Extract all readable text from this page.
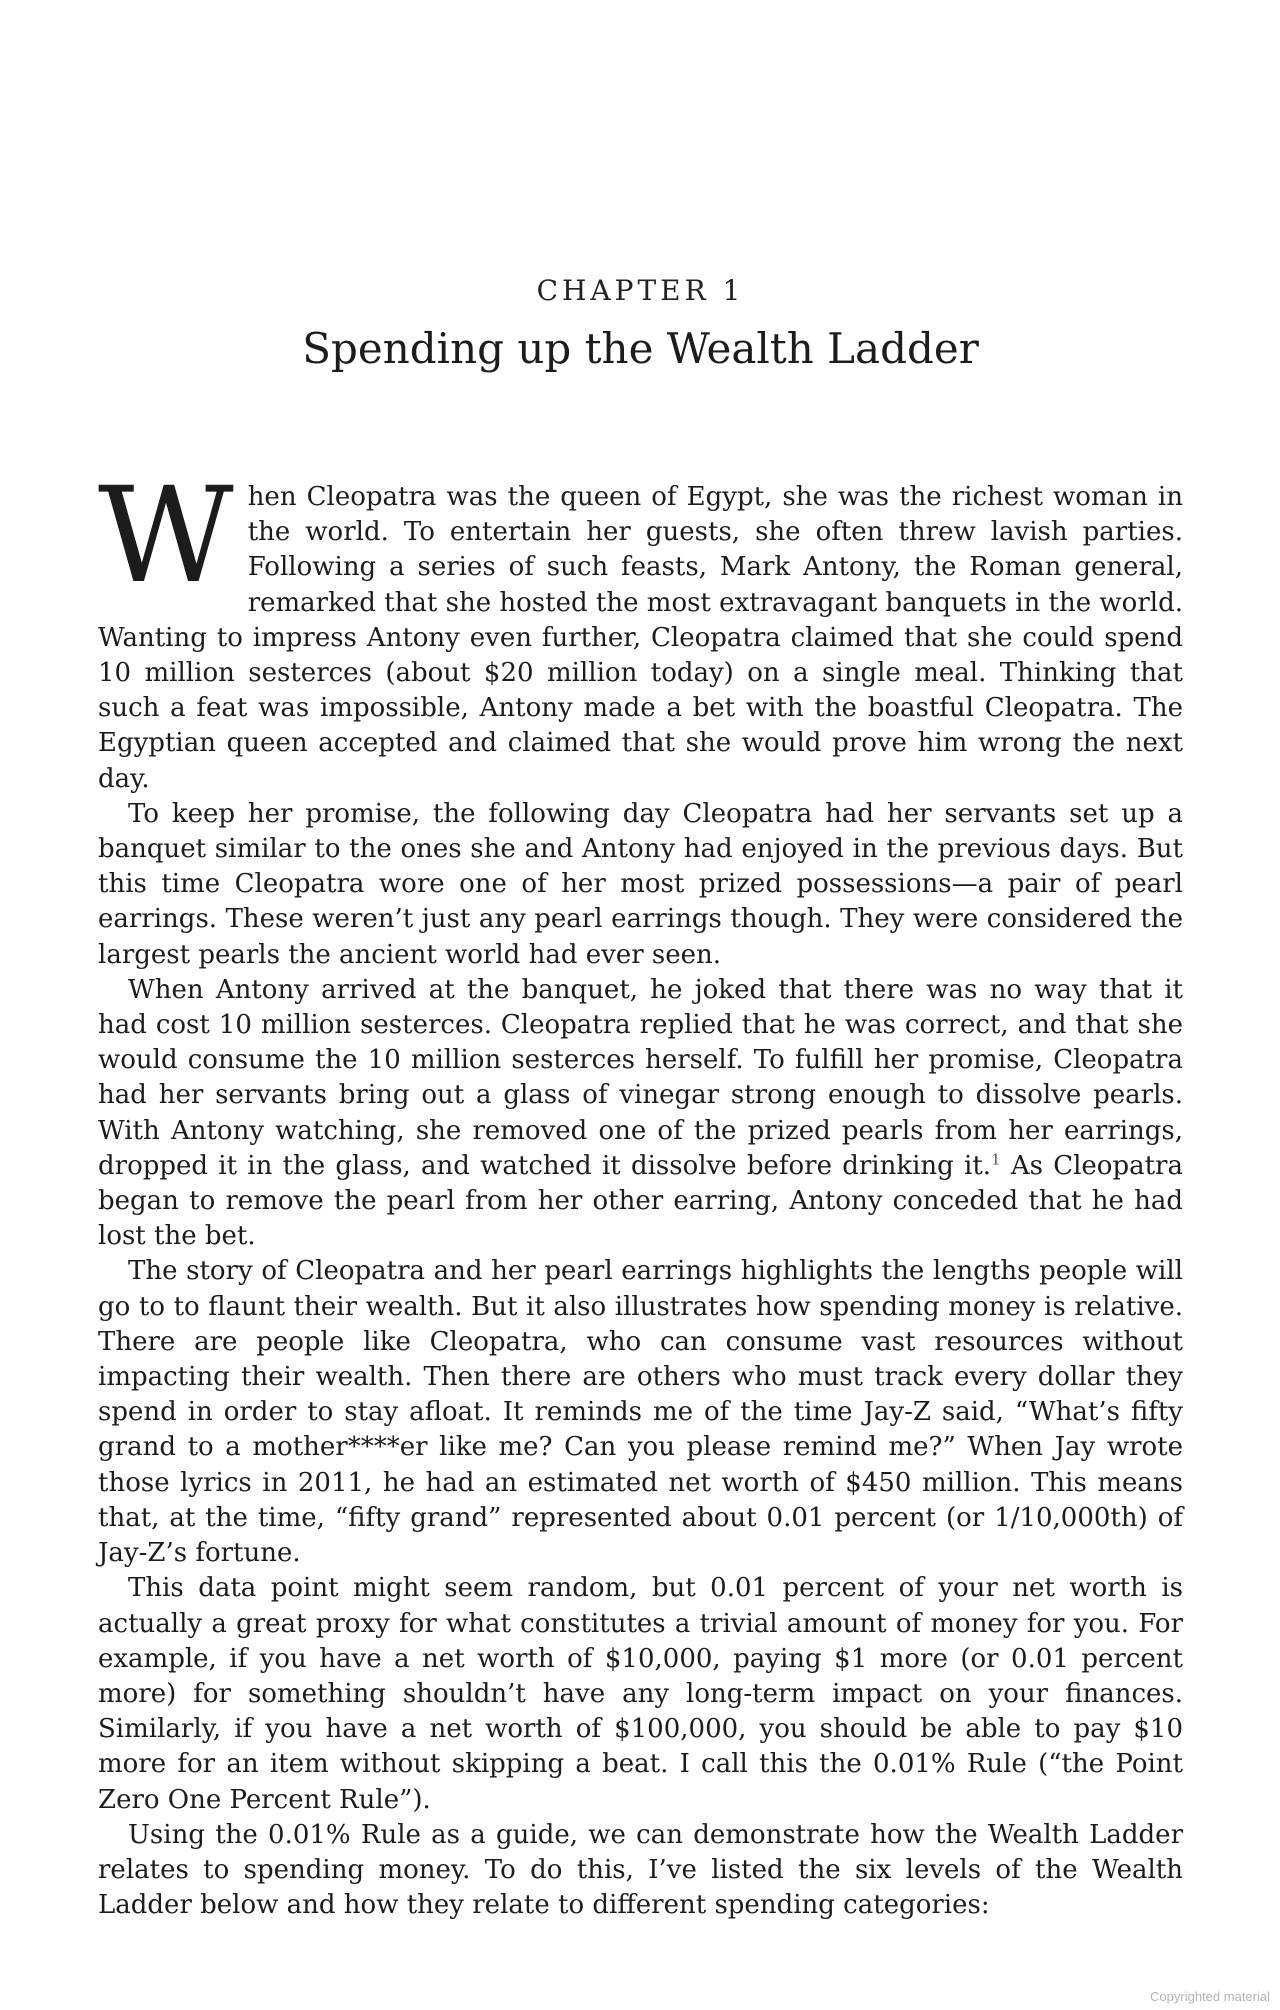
CHAPTER 1
Spending up the Wealth Ladder

When Cleopatra was the queen of Egypt, she was the richest woman in the world. To entertain her guests, she often threw lavish parties. Following a series of such feasts, Mark Antony, the Roman general, remarked that she hosted the most extravagant banquets in the world. Wanting to impress Antony even further, Cleopatra claimed that she could spend 10 million sesterces (about $20 million today) on a single meal. Thinking that such a feat was impossible, Antony made a bet with the boastful Cleopatra. The Egyptian queen accepted and claimed that she would prove him wrong the next day.

To keep her promise, the following day Cleopatra had her servants set up a banquet similar to the ones she and Antony had enjoyed in the previous days. But this time Cleopatra wore one of her most prized possessions—a pair of pearl earrings. These weren’t just any pearl earrings though. They were considered the largest pearls the ancient world had ever seen.

When Antony arrived at the banquet, he joked that there was no way that it had cost 10 million sesterces. Cleopatra replied that he was correct, and that she would consume the 10 million sesterces herself. To fulfill her promise, Cleopatra had her servants bring out a glass of vinegar strong enough to dissolve pearls. With Antony watching, she removed one of the prized pearls from her earrings, dropped it in the glass, and watched it dissolve before drinking it.$^1$ As Cleopatra began to remove the pearl from her other earring, Antony conceded that he had lost the bet.

The story of Cleopatra and her pearl earrings highlights the lengths people will go to to flaunt their wealth. But it also illustrates how spending money is relative. There are people like Cleopatra, who can consume vast resources without impacting their wealth. Then there are others who must track every dollar they spend in order to stay afloat. It reminds me of the time Jay-Z said, “What’s fifty grand to a mother****er like me? Can you please remind me?” When Jay wrote those lyrics in 2011, he had an estimated net worth of $450 million. This means that, at the time, “fifty grand” represented about 0.01 percent (or 1/10,000th) of Jay-Z’s fortune.

This data point might seem random, but 0.01 percent of your net worth is actually a great proxy for what constitutes a trivial amount of money for you. For example, if you have a net worth of $10,000, paying $1 more (or 0.01 percent more) for something shouldn’t have any long-term impact on your finances. Similarly, if you have a net worth of $100,000, you should be able to pay $10 more for an item without skipping a beat. I call this the 0.01% Rule (“the Point Zero One Percent Rule”).

Using the 0.01% Rule as a guide, we can demonstrate how the Wealth Ladder relates to spending money. To do this, I’ve listed the six levels of the Wealth Ladder below and how they relate to different spending categories:

Copyrighted material
